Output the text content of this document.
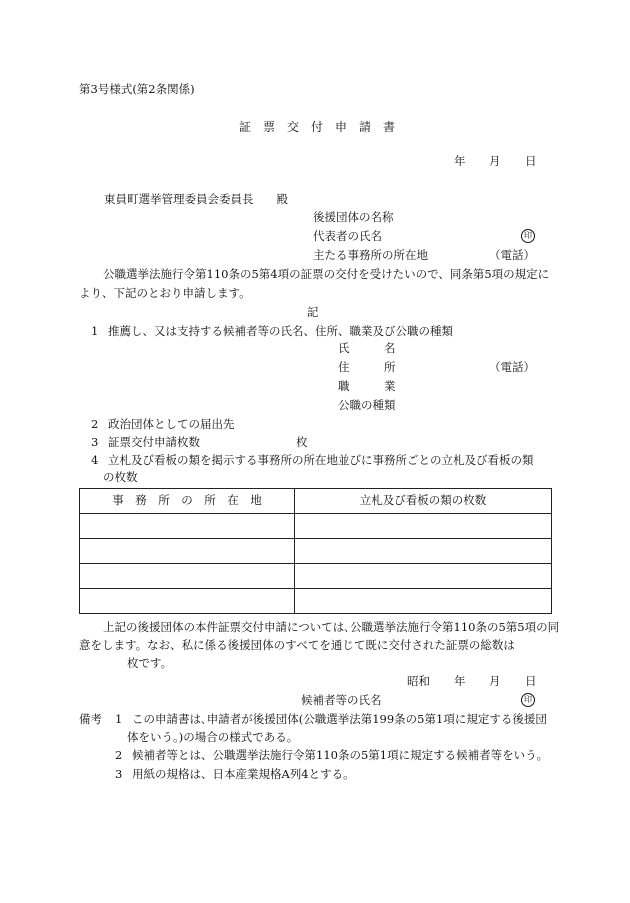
第3号様式(第2条関係)
証　票　交　付　申　請　書
年 月 日
東員町選挙管理委員会委員長　　殿
後援団体の名称
代表者の氏名	印
主たる事務所の所在地	（電話）
公職選挙法施行令第110条の5第4項の証票の交付を受けたいので、同条第5項の規定に
より、下記のとおり申請します。
記
1 推薦し、又は支持する候補者等の氏名、住所、職業及び公職の種類
氏　　　名
住　　　所	（電話）
職　　　業
公職の種類
2 政治団体としての届出先
3 証票交付申請枚数	枚
4 立札及び看板の類を掲示する事務所の所在地並びに事務所ごとの立札及び看板の類
の枚数
事　務　所　の　所　在　地	立札及び看板の類の枚数

上記の後援団体の本件証票交付申請については､公職選挙法施行令第110条の5第5項の同
意をします。なお、私に係る後援団体のすべてを通じて既に交付された証票の総数は
枚です。
昭和 年 月 日
候補者等の氏名	印
備考 1 この申請書は､申請者が後援団体(公職選挙法第199条の5第1項に規定する後援団
体をいう。)の場合の様式である。
2 候補者等とは、公職選挙法施行令第110条の5第1項に規定する候補者等をいう。
3 用紙の規格は、日本産業規格A列4とする。
